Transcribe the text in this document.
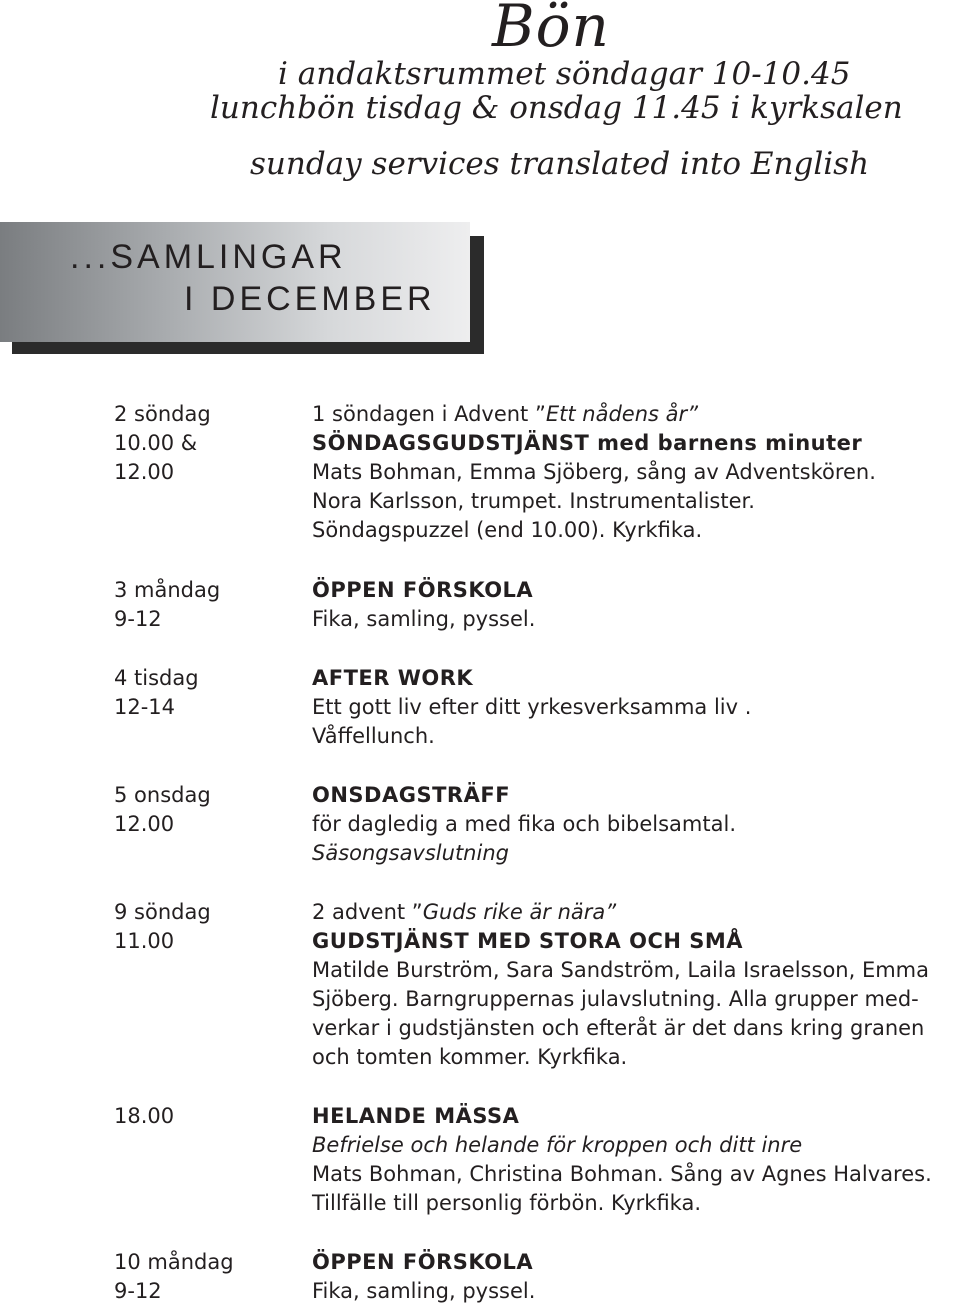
Bön
i andaktsrummet söndagar 10-10.45
lunchbön tisdag & onsdag 11.45 i kyrksalen
sunday services translated into English
...SAMLINGAR
I DECEMBER
2 söndag
10.00 &
12.00
1 söndagen i Advent ”Ett nådens år”
SÖNDAGSGUDSTJÄNST med barnens minuter
Mats Bohman, Emma Sjöberg, sång av Adventskören.
Nora Karlsson, trumpet. Instrumentalister.
Söndagspuzzel (end 10.00). Kyrkfika.
3 måndag
9-12
ÖPPEN FÖRSKOLA
Fika, samling, pyssel.
4 tisdag
12-14
AFTER WORK
Ett gott liv efter ditt yrkesverksamma liv .
Våffellunch.
5 onsdag
12.00
ONSDAGSTRÄFF
för dagledig a med fika och bibelsamtal.
Säsongsavslutning
9 söndag
11.00
2 advent ”Guds rike är nära”
GUDSTJÄNST MED STORA OCH SMÅ
Matilde Burström, Sara Sandström, Laila Israelsson, Emma
Sjöberg. Barngruppernas julavslutning. Alla grupper med-
verkar i gudstjänsten och efteråt är det dans kring granen
och tomten kommer. Kyrkfika.
18.00	HELANDE MÄSSA
Befrielse och helande för kroppen och ditt inre
Mats Bohman, Christina Bohman. Sång av Agnes Halvares.
Tillfälle till personlig förbön. Kyrkfika.
10 måndag
9-12
ÖPPEN FÖRSKOLA
Fika, samling, pyssel.
